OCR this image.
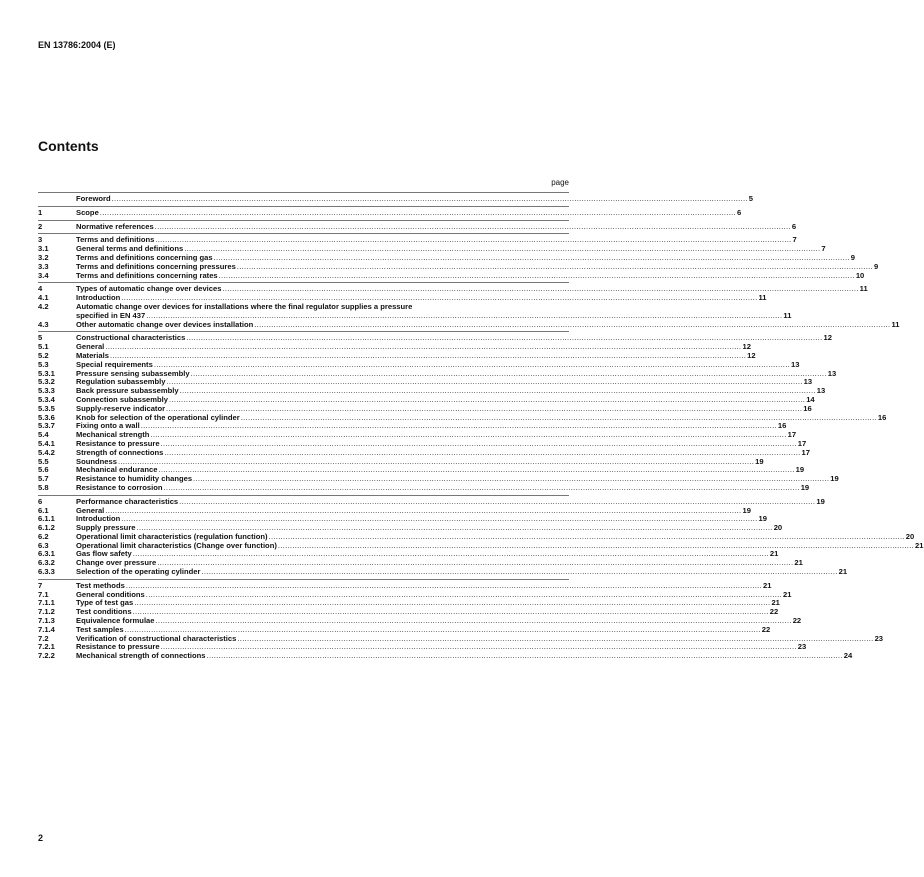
EN 13786:2004 (E)
Contents
page
Foreword .....	5
1	Scope .....	6
2	Normative references .....	6
3	Terms and definitions .....	7
3.1	General terms and definitions .....	7
3.2	Terms and definitions concerning gas .....	9
3.3	Terms and definitions concerning pressures .....	9
3.4	Terms and definitions concerning rates .....	10
4	Types of automatic change over devices .....	11
4.1	Introduction .....	11
4.2	Automatic change over devices for installations where the final regulator supplies a pressure
specified in EN 437 .....	11
4.3	Other automatic change over devices installation .....	11
5	Constructional characteristics .....	12
5.1	General .....	12
5.2	Materials .....	12
5.3	Special requirements .....	13
5.3.1	Pressure sensing subassembly .....	13
5.3.2	Regulation subassembly .....	13
5.3.3	Back pressure subassembly .....	13
5.3.4	Connection subassembly .....	14
5.3.5	Supply-reserve indicator .....	16
5.3.6	Knob for selection of the operational cylinder .....	16
5.3.7	Fixing onto a wall .....	16
5.4	Mechanical strength .....	17
5.4.1	Resistance to pressure .....	17
5.4.2	Strength of connections .....	17
5.5	Soundness .....	19
5.6	Mechanical endurance .....	19
5.7	Resistance to humidity changes .....	19
5.8	Resistance to corrosion .....	19
6	Performance characteristics .....	19
6.1	General .....	19
6.1.1	Introduction .....	19
6.1.2	Supply pressure .....	20
6.2	Operational limit characteristics (regulation function) .....	20
6.3	Operational limit characteristics (Change over function) .....	21
6.3.1	Gas flow safety .....	21
6.3.2	Change over pressure .....	21
6.3.3	Selection of the operating cylinder .....	21
7	Test methods .....	21
7.1	General conditions .....	21
7.1.1	Type of test gas .....	21
7.1.2	Test conditions .....	22
7.1.3	Equivalence formulae .....	22
7.1.4	Test samples .....	22
7.2	Verification of constructional characteristics .....	23
7.2.1	Resistance to pressure .....	23
7.2.2	Mechanical strength of connections .....	24
2
